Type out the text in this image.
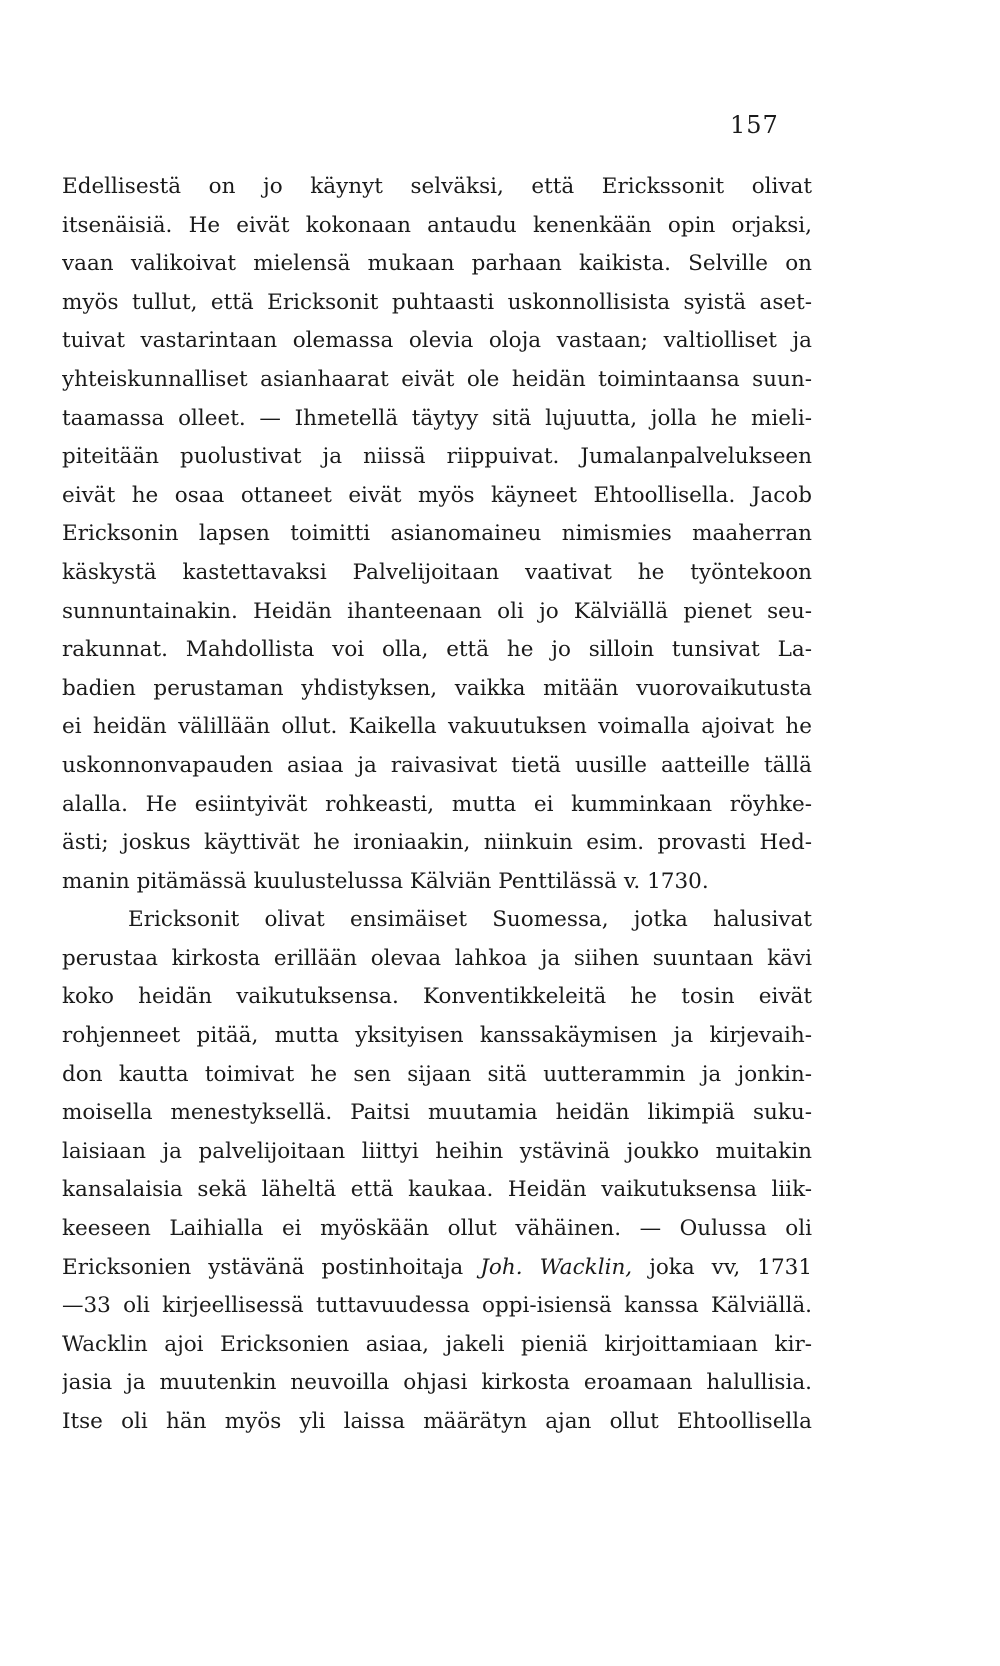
157
Edellisestä on jo käynyt selväksi, että Erickssonit olivat
itsenäisiä. He eivät kokonaan antaudu kenenkään opin orjaksi,
vaan valikoivat mielensä mukaan parhaan kaikista. Selville on
myös tullut, että Ericksonit puhtaasti uskonnollisista syistä aset-
tuivat vastarintaan olemassa olevia oloja vastaan; valtiolliset ja
yhteiskunnalliset asianhaarat eivät ole heidän toimintaansa suun-
taamassa olleet. — Ihmetellä täytyy sitä lujuutta, jolla he mieli-
piteitään puolustivat ja niissä riippuivat. Jumalanpalvelukseen
eivät he osaa ottaneet eivät myös käyneet Ehtoollisella. Jacob
Ericksonin lapsen toimitti asianomaineu nimismies maaherran
käskystä kastettavaksi Palvelijoitaan vaativat he työntekoon
sunnuntainakin. Heidän ihanteenaan oli jo Kälviällä pienet seu-
rakunnat. Mahdollista voi olla, että he jo silloin tunsivat La-
badien perustaman yhdistyksen, vaikka mitään vuorovaikutusta
ei heidän välillään ollut. Kaikella vakuutuksen voimalla ajoivat he
uskonnonvapauden asiaa ja raivasivat tietä uusille aatteille tällä
alalla. He esiintyivät rohkeasti, mutta ei kumminkaan röyhke-
ästi; joskus käyttivät he ironiaakin, niinkuin esim. provasti Hed-
manin pitämässä kuulustelussa Kälviän Penttilässä v. 1730.
Ericksonit olivat ensimäiset Suomessa, jotka halusivat
perustaa kirkosta erillään olevaa lahkoa ja siihen suuntaan kävi
koko heidän vaikutuksensa. Konventikkeleitä he tosin eivät
rohjenneet pitää, mutta yksityisen kanssakäymisen ja kirjevaih-
don kautta toimivat he sen sijaan sitä uutterammin ja jonkin-
moisella menestyksellä. Paitsi muutamia heidän likimpiä suku-
laisiaan ja palvelijoitaan liittyi heihin ystävinä joukko muitakin
kansalaisia sekä läheltä että kaukaa. Heidän vaikutuksensa liik-
keeseen Laihialla ei myöskään ollut vähäinen. — Oulussa oli
Ericksonien ystävänä postinhoitaja Joh. Wacklin, joka vv, 1731
—33 oli kirjeellisessä tuttavuudessa oppi-isiensä kanssa Kälviällä.
Wacklin ajoi Ericksonien asiaa, jakeli pieniä kirjoittamiaan kir-
jasia ja muutenkin neuvoilla ohjasi kirkosta eroamaan halullisia.
Itse oli hän myös yli laissa määrätyn ajan ollut Ehtoollisella
